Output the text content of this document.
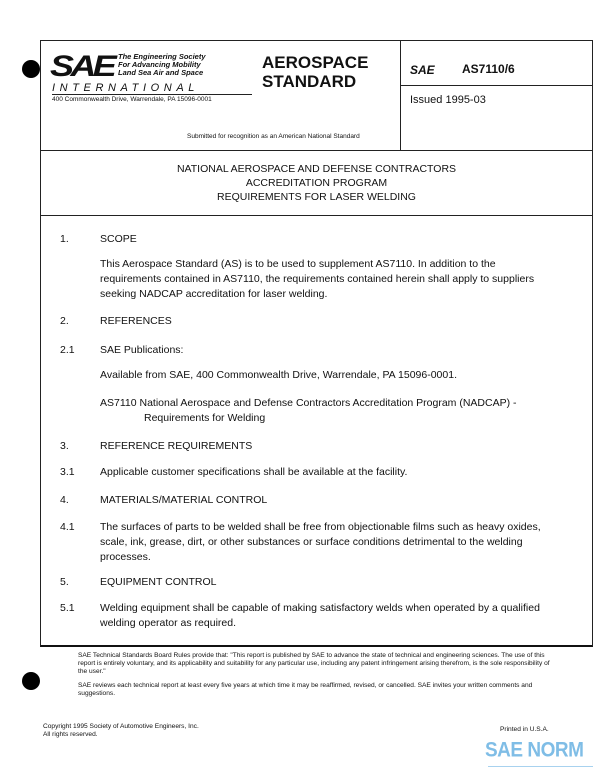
SAE The Engineering Society
For Advancing Mobility
Land Sea Air and Space
INTERNATIONAL
400 Commonwealth Drive, Warrendale, PA 15096-0001
AEROSPACE
STANDARD
SAE AS7110/6
Issued 1995-03
Submitted for recognition as an American National Standard
NATIONAL AEROSPACE AND DEFENSE CONTRACTORS
ACCREDITATION PROGRAM
REQUIREMENTS FOR LASER WELDING
1.	SCOPE
This Aerospace Standard (AS) is to be used to supplement AS7110. In addition to the requirements contained in AS7110, the requirements contained herein shall apply to suppliers seeking NADCAP accreditation for laser welding.
2.	REFERENCES
2.1 SAE Publications:
Available from SAE, 400 Commonwealth Drive, Warrendale, PA 15096-0001.
AS7110 National Aerospace and Defense Contractors Accreditation Program (NADCAP) - Requirements for Welding
3.	REFERENCE REQUIREMENTS
3.1 Applicable customer specifications shall be available at the facility.
4.	MATERIALS/MATERIAL CONTROL
4.1 The surfaces of parts to be welded shall be free from objectionable films such as heavy oxides, scale, ink, grease, dirt, or other substances or surface conditions detrimental to the welding processes.
5.	EQUIPMENT CONTROL
5.1 Welding equipment shall be capable of making satisfactory welds when operated by a qualified welding operator as required.
SAE Technical Standards Board Rules provide that: "This report is published by SAE to advance the state of technical and engineering sciences. The use of this report is entirely voluntary, and its applicability and suitability for any particular use, including any patent infringement arising therefrom, is the sole responsibility of the user."
SAE reviews each technical report at least every five years at which time it may be reaffirmed, revised, or cancelled. SAE invites your written comments and suggestions.
Copyright 1995 Society of Automotive Engineers, Inc.
All rights reserved.
Printed in U.S.A.
SAE NORM
